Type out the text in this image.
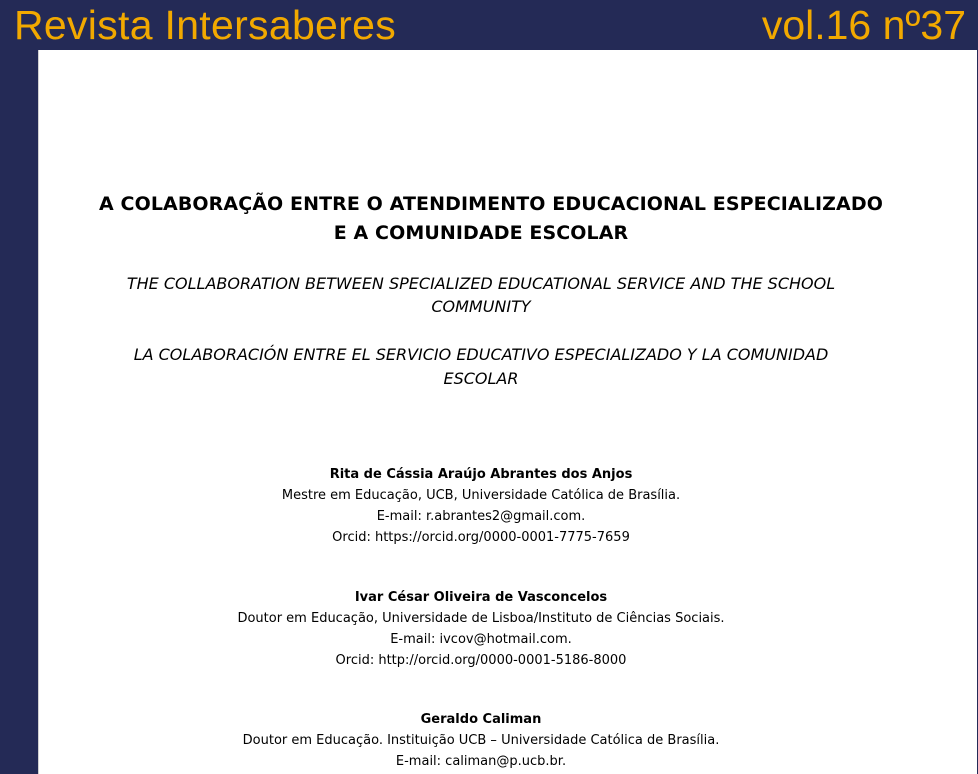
Revista Intersaberes	vol.16 nº37
A COLABORAÇÃO ENTRE O ATENDIMENTO EDUCACIONAL ESPECIALIZADO
E A COMUNIDADE ESCOLAR
THE COLLABORATION BETWEEN SPECIALIZED EDUCATIONAL SERVICE AND THE SCHOOL
COMMUNITY
LA COLABORACIÓN ENTRE EL SERVICIO EDUCATIVO ESPECIALIZADO Y LA COMUNIDAD
ESCOLAR
Rita de Cássia Araújo Abrantes dos Anjos
Mestre em Educação, UCB, Universidade Católica de Brasília.
E-mail: r.abrantes2@gmail.com.
Orcid: https://orcid.org/0000-0001-7775-7659
Ivar César Oliveira de Vasconcelos
Doutor em Educação, Universidade de Lisboa/Instituto de Ciências Sociais.
E-mail: ivcov@hotmail.com.
Orcid: http://orcid.org/0000-0001-5186-8000
Geraldo Caliman
Doutor em Educação. Instituição UCB – Universidade Católica de Brasília.
E-mail: caliman@p.ucb.br.
